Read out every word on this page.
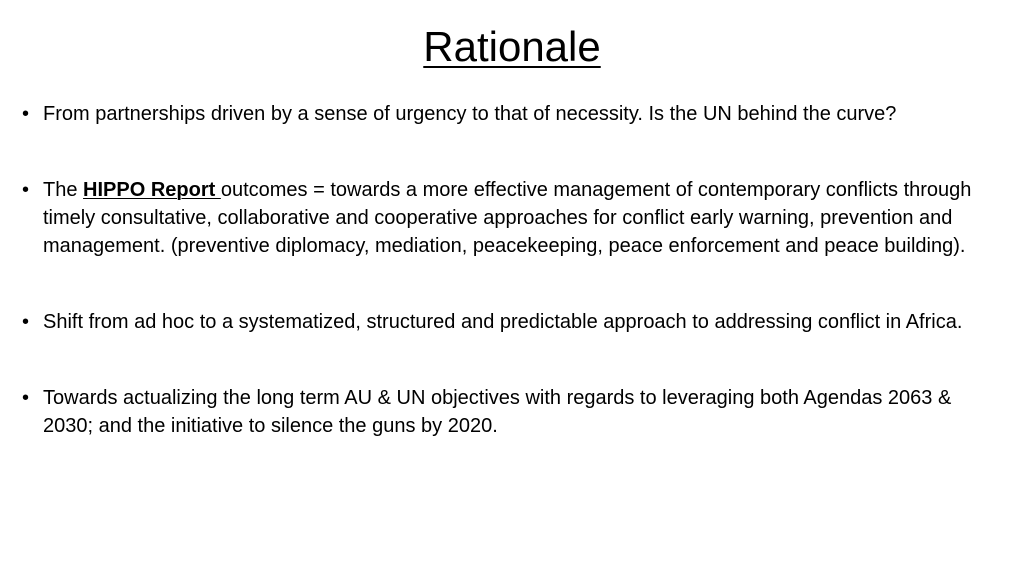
Rationale
• From partnerships driven by a sense of urgency to that of necessity. Is the UN behind the curve?
• The HIPPO Report outcomes = towards a more effective management of contemporary conflicts through timely consultative, collaborative and cooperative approaches for conflict early warning, prevention and management. (preventive diplomacy, mediation, peacekeeping, peace enforcement and peace building).
• Shift from ad hoc to a systematized, structured and predictable approach to addressing conflict in Africa.
• Towards actualizing the long term AU & UN objectives with regards to leveraging both Agendas 2063 & 2030; and the initiative to silence the guns by 2020.
